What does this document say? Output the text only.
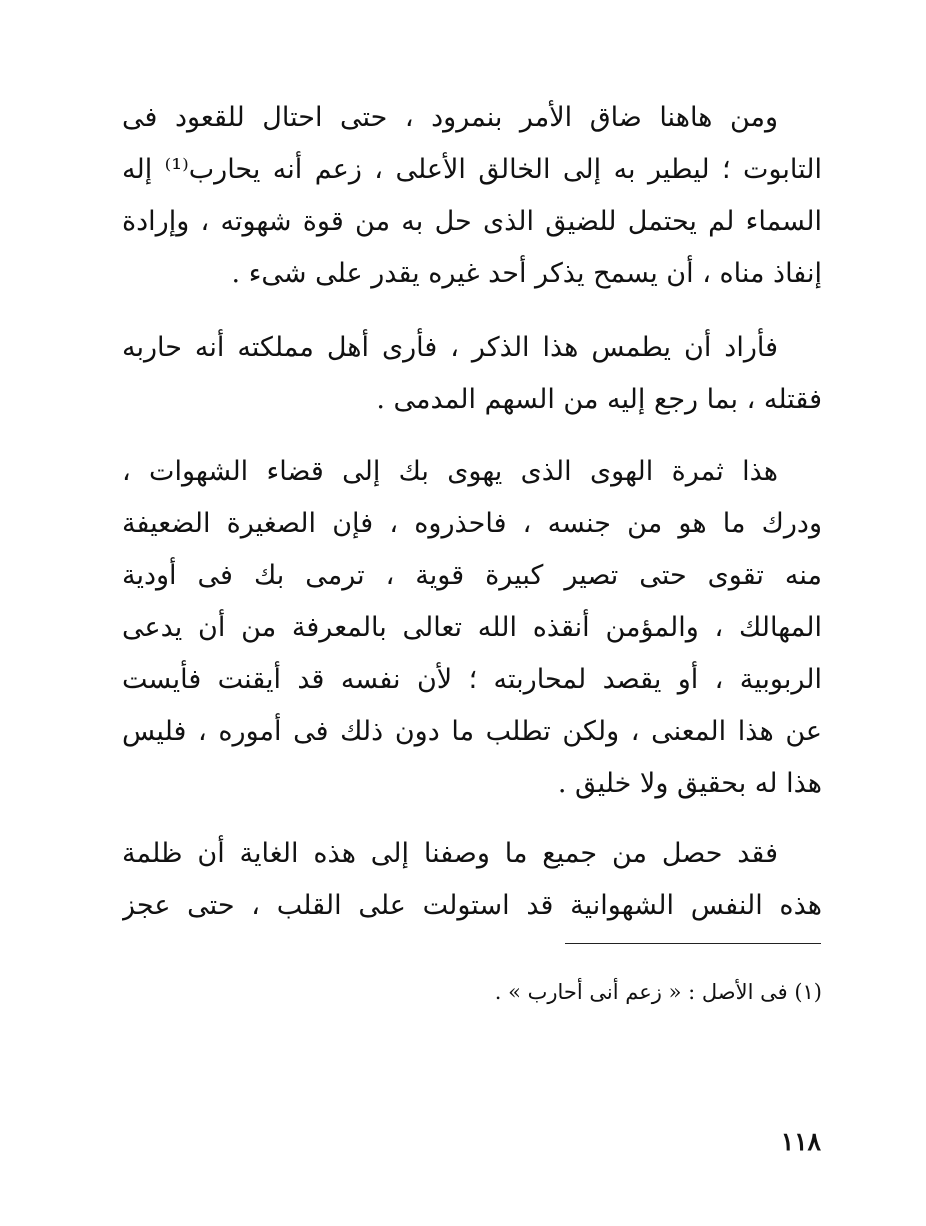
ومن هاهنا ضاق الأمر بنمرود ، حتى احتال للقعود فى
التابوت ؛ ليطير به إلى الخالق الأعلى ، زعم أنه يحارب⁽¹⁾ إله
السماء لم يحتمل للضيق الذى حل به من قوة شهوته ، وإرادة
إنفاذ مناه ، أن يسمح يذكر أحد غيره يقدر على شىء .
فأراد أن يطمس هذا الذكر ، فأرى أهل مملكته أنه حاربه
فقتله ، بما رجع إليه من السهم المدمى .
هذا ثمرة الهوى الذى يهوى بك إلى قضاء الشهوات ،
ودرك ما هو من جنسه ، فاحذروه ، فإن الصغيرة الضعيفة
منه تقوى حتى تصير كبيرة قوية ، ترمى بك فى أودية
المهالك ، والمؤمن أنقذه الله تعالى بالمعرفة من أن يدعى
الربوبية ، أو يقصد لمحاربته ؛ لأن نفسه قد أيقنت فأيست
عن هذا المعنى ، ولكن تطلب ما دون ذلك فى أموره ، فليس
هذا له بحقيق ولا خليق .
فقد حصل من جميع ما وصفنا إلى هذه الغاية أن ظلمة
هذه النفس الشهوانية قد استولت على القلب ، حتى عجز
(١) فى الأصل : « زعم أنى أحارب » .
١١٨
